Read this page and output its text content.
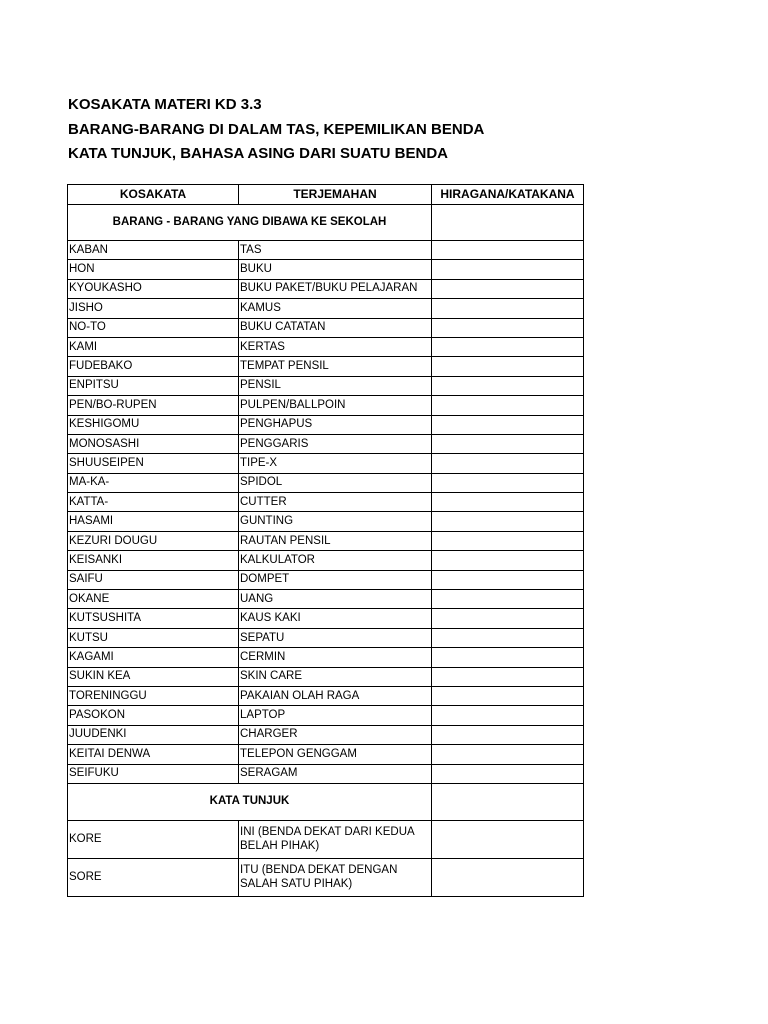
KOSAKATA MATERI KD 3.3
BARANG-BARANG DI DALAM TAS, KEPEMILIKAN BENDA
KATA TUNJUK, BAHASA ASING DARI SUATU BENDA
KOSAKATA	TERJEMAHAN	HIRAGANA/KATAKANA
BARANG - BARANG YANG DIBAWA KE SEKOLAH		
KABAN	TAS	
HON	BUKU	
KYOUKASHO	BUKU PAKET/BUKU PELAJARAN	
JISHO	KAMUS	
NO-TO	BUKU CATATAN	
KAMI	KERTAS	
FUDEBAKO	TEMPAT PENSIL	
ENPITSU	PENSIL	
PEN/BO-RUPEN	PULPEN/BALLPOIN	
KESHIGOMU	PENGHAPUS	
MONOSASHI	PENGGARIS	
SHUUSEIPEN	TIPE-X	
MA-KA-	SPIDOL	
KATTA-	CUTTER	
HASAMI	GUNTING	
KEZURI DOUGU	RAUTAN PENSIL	
KEISANKI	KALKULATOR	
SAIFU	DOMPET	
OKANE	UANG	
KUTSUSHITA	KAUS KAKI	
KUTSU	SEPATU	
KAGAMI	CERMIN	
SUKIN KEA	SKIN CARE	
TORENINGGU	PAKAIAN OLAH RAGA	
PASOKON	LAPTOP	
JUUDENKI	CHARGER	
KEITAI DENWA	TELEPON GENGGAM	
SEIFUKU	SERAGAM	
KATA TUNJUK		
KORE	INI (BENDA DEKAT DARI KEDUA BELAH PIHAK)	
SORE	ITU (BENDA DEKAT DENGAN SALAH SATU PIHAK)	
